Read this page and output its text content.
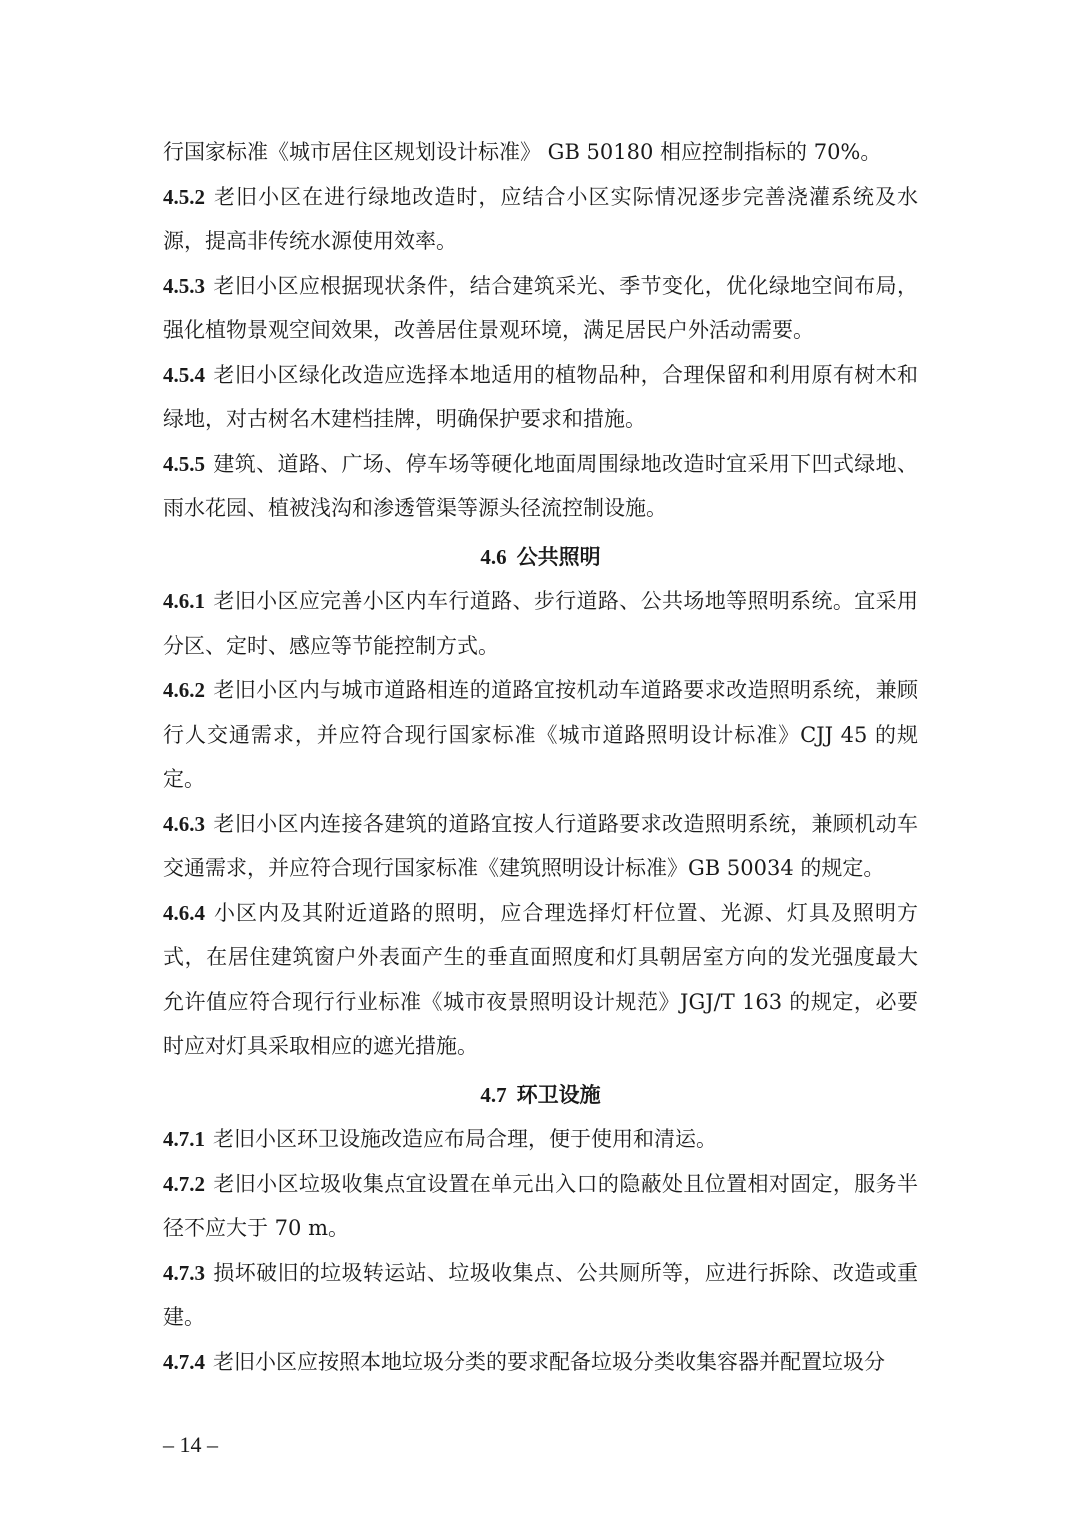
行国家标准《城市居住区规划设计标准》 GB 50180 相应控制指标的 70%。

4.5.2 老旧小区在进行绿地改造时，应结合小区实际情况逐步完善浇灌系统及水源，提高非传统水源使用效率。

4.5.3 老旧小区应根据现状条件，结合建筑采光、季节变化，优化绿地空间布局，强化植物景观空间效果，改善居住景观环境，满足居民户外活动需要。

4.5.4 老旧小区绿化改造应选择本地适用的植物品种，合理保留和利用原有树木和绿地，对古树名木建档挂牌，明确保护要求和措施。

4.5.5 建筑、道路、广场、停车场等硬化地面周围绿地改造时宜采用下凹式绿地、雨水花园、植被浅沟和渗透管渠等源头径流控制设施。

4.6 公共照明

4.6.1 老旧小区应完善小区内车行道路、步行道路、公共场地等照明系统。宜采用分区、定时、感应等节能控制方式。

4.6.2 老旧小区内与城市道路相连的道路宜按机动车道路要求改造照明系统，兼顾行人交通需求，并应符合现行国家标准《城市道路照明设计标准》CJJ 45 的规定。

4.6.3 老旧小区内连接各建筑的道路宜按人行道路要求改造照明系统，兼顾机动车交通需求，并应符合现行国家标准《建筑照明设计标准》GB 50034 的规定。

4.6.4 小区内及其附近道路的照明，应合理选择灯杆位置、光源、灯具及照明方式，在居住建筑窗户外表面产生的垂直面照度和灯具朝居室方向的发光强度最大允许值应符合现行行业标准《城市夜景照明设计规范》JGJ/T 163 的规定，必要时应对灯具采取相应的遮光措施。

4.7 环卫设施

4.7.1 老旧小区环卫设施改造应布局合理，便于使用和清运。

4.7.2 老旧小区垃圾收集点宜设置在单元出入口的隐蔽处且位置相对固定，服务半径不应大于 70 m。

4.7.3 损坏破旧的垃圾转运站、垃圾收集点、公共厕所等，应进行拆除、改造或重建。

4.7.4 老旧小区应按照本地垃圾分类的要求配备垃圾分类收集容器并配置垃圾分

– 14 –
